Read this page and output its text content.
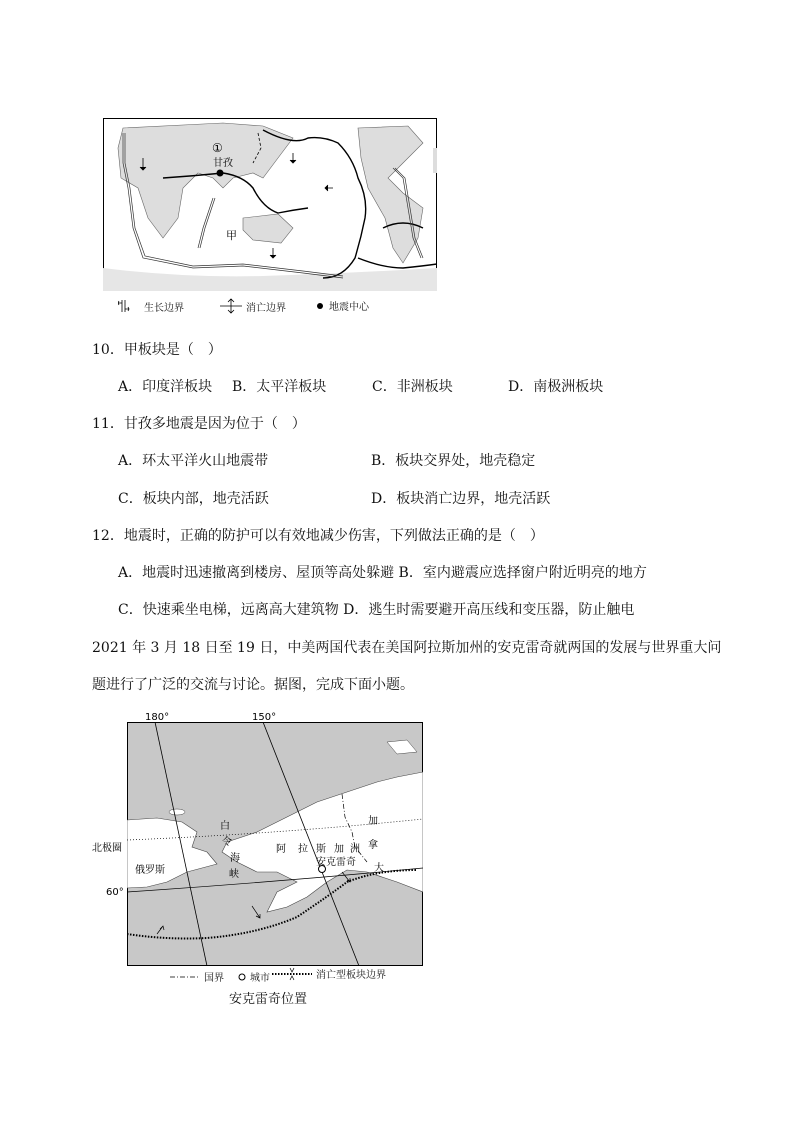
①
甘孜
甲
生长边界	消亡边界	地震中心
10．甲板块是（　）
A．印度洋板块 B．太平洋板块	C．非洲板块	D．南极洲板块
11．甘孜多地震是因为位于（　）
A．环太平洋火山地震带	B．板块交界处，地壳稳定
C．板块内部，地壳活跃	D．板块消亡边界，地壳活跃
12．地震时，正确的防护可以有效地减少伤害，下列做法正确的是（　）
A．地震时迅速撤离到楼房、屋顶等高处躲避 B．室内避震应选择窗户附近明亮的地方
C．快速乘坐电梯，远离高大建筑物 D．逃生时需要避开高压线和变压器，防止触电
2021 年 3 月 18 日至 19 日，中美两国代表在美国阿拉斯加州的安克雷奇就两国的发展与世界重大问
题进行了广泛的交流与讨论。据图，完成下面小题。
180°	150°
北极圈
60°
俄罗斯
白
令
海
峡
阿 拉 斯 加 洲
加
拿
大
安克雷奇
国界	城市	消亡型板块边界
安克雷奇位置
